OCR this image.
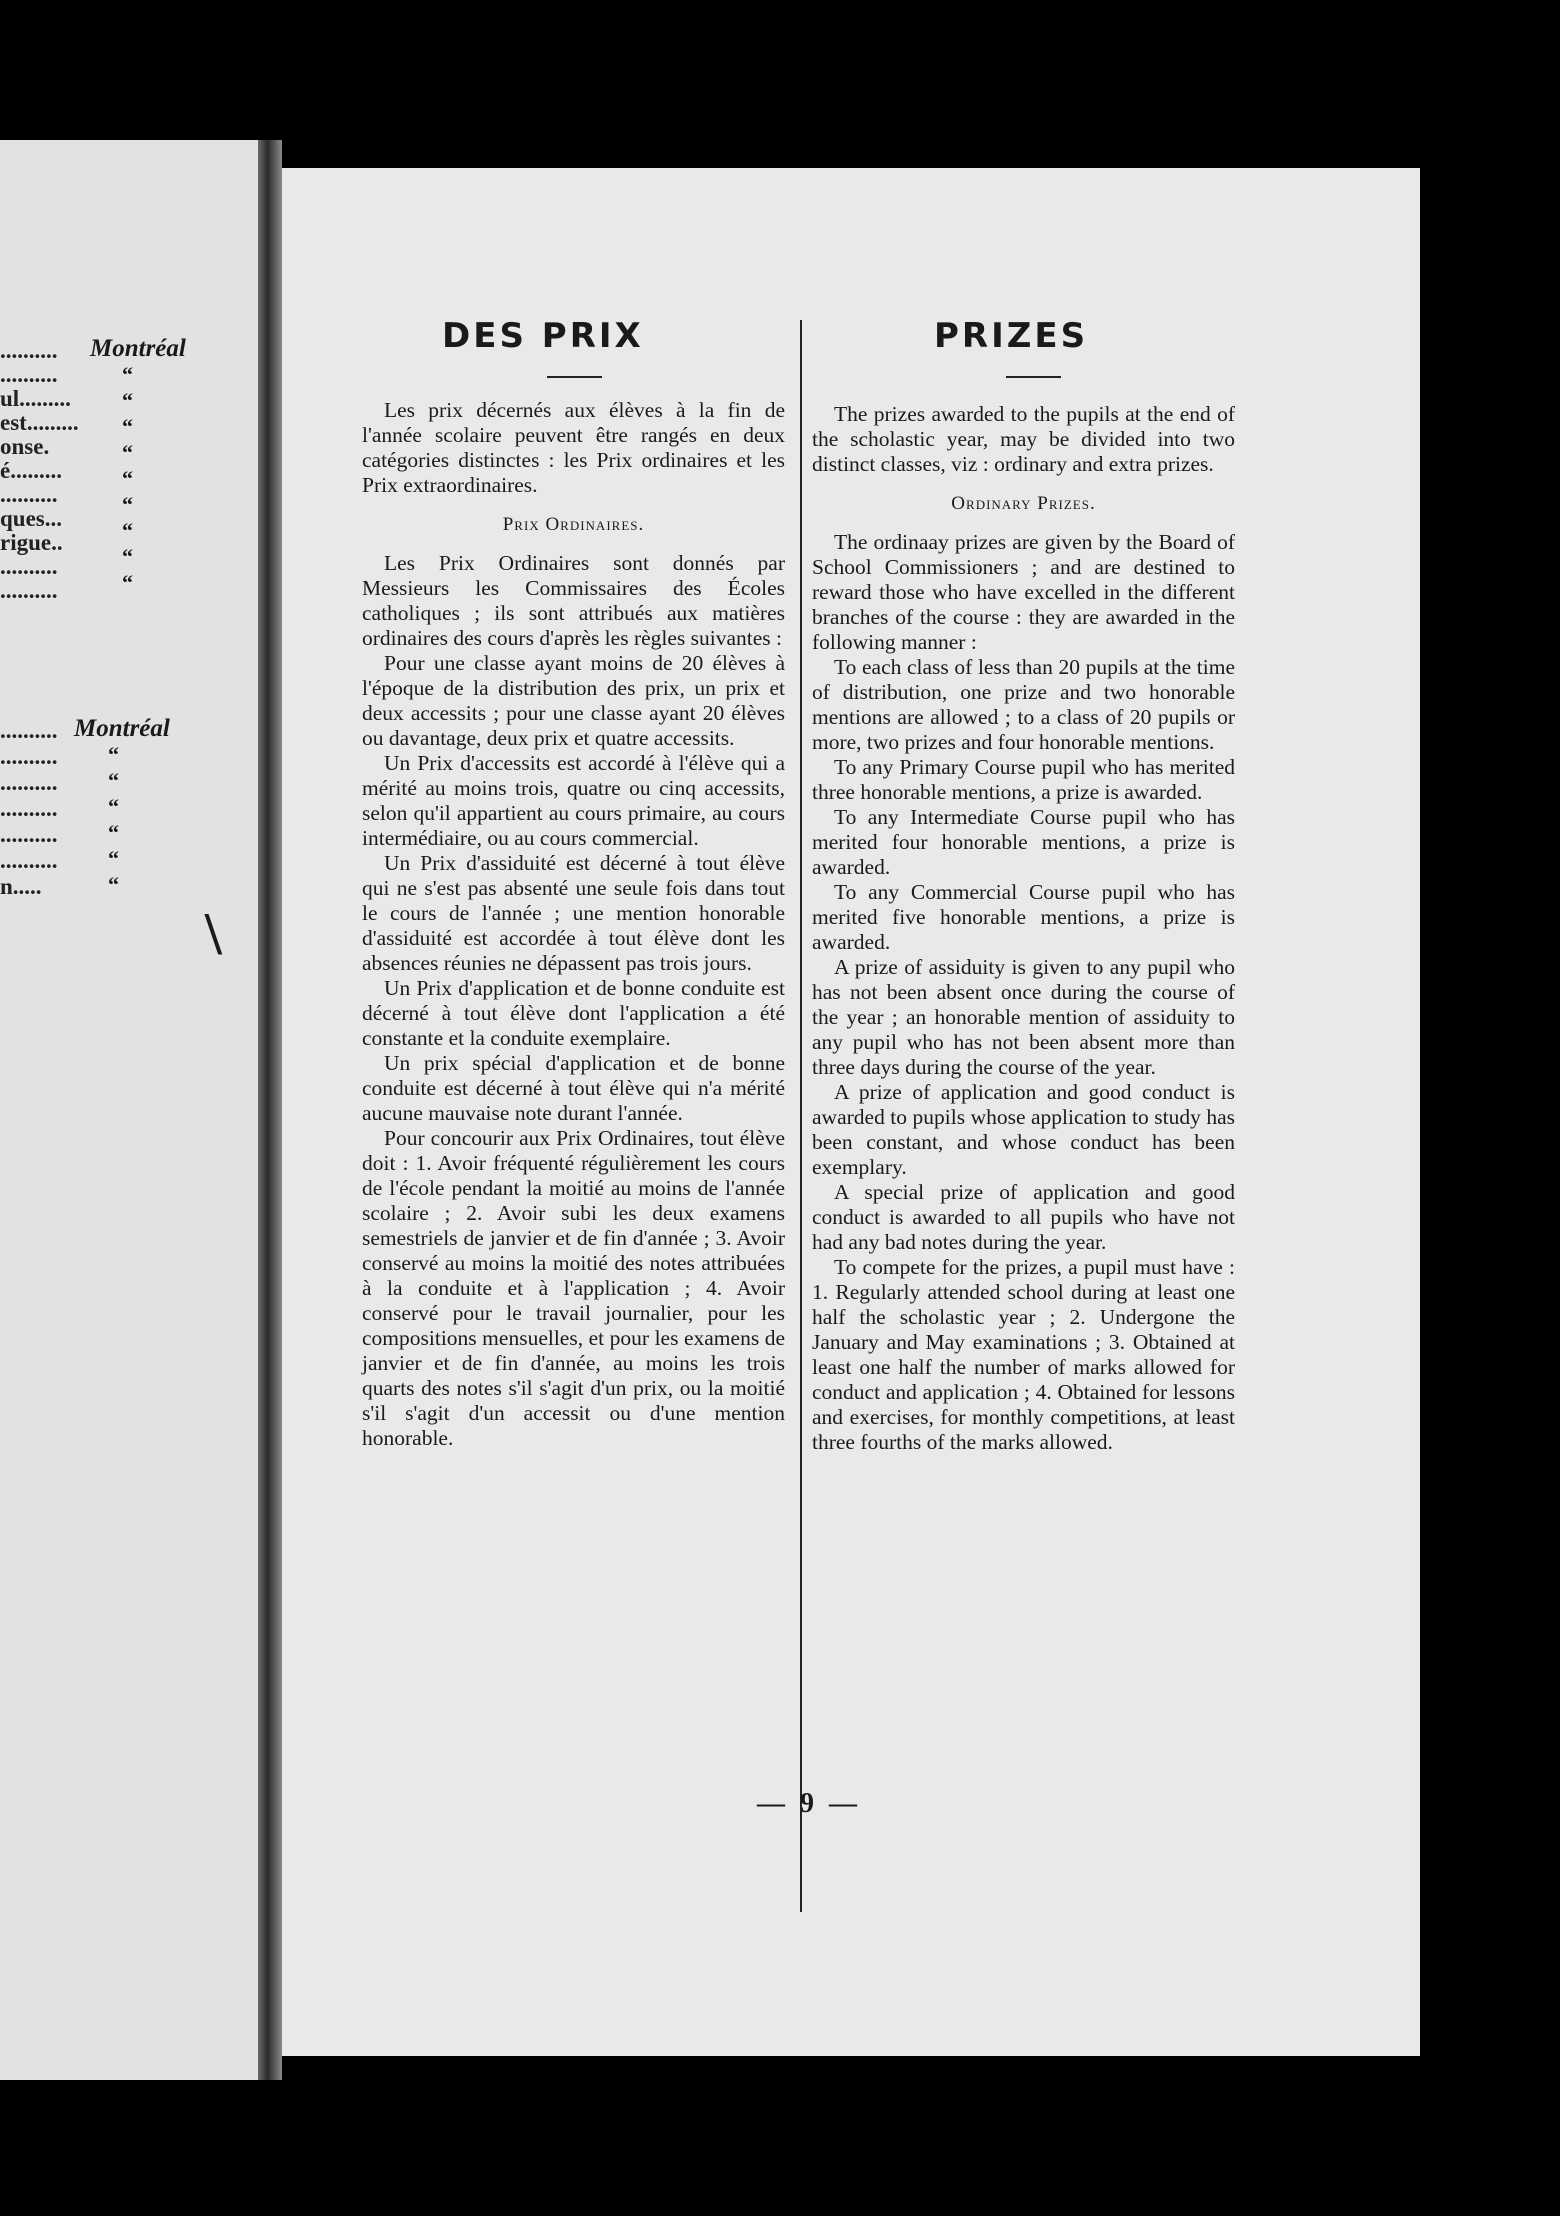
..........
..........
ul.........
est.........
onse.
é.........
..........
ques...
rigue..
..........
..........
Montréal
“
“
“
“
“
“
“
“
“
..........
..........
..........
..........
..........
..........
n.....
Montréal
“
“
“
“
“
“
\
DES PRIX	PRIZES

Les prix décernés aux élèves à la fin de l'année scolaire peuvent être rangés en deux catégories distinctes : les Prix ordinaires et les Prix extraordinaires.

Prix Ordinaires.

Les Prix Ordinaires sont donnés par Messieurs les Commissaires des Écoles catholiques ; ils sont attribués aux matières ordinaires des cours d'après les règles suivantes :

Pour une classe ayant moins de 20 élèves à l'époque de la distribution des prix, un prix et deux accessits ; pour une classe ayant 20 élèves ou davantage, deux prix et quatre accessits.

Un Prix d'accessits est accordé à l'élève qui a mérité au moins trois, quatre ou cinq accessits, selon qu'il appartient au cours primaire, au cours intermédiaire, ou au cours commercial.

Un Prix d'assiduité est décerné à tout élève qui ne s'est pas absenté une seule fois dans tout le cours de l'année ; une mention honorable d'assiduité est accordée à tout élève dont les absences réunies ne dépassent pas trois jours.

Un Prix d'application et de bonne conduite est décerné à tout élève dont l'application a été constante et la conduite exemplaire.

Un prix spécial d'application et de bonne conduite est décerné à tout élève qui n'a mérité aucune mauvaise note durant l'année.

Pour concourir aux Prix Ordinaires, tout élève doit : 1. Avoir fréquenté régulièrement les cours de l'école pendant la moitié au moins de l'année scolaire ; 2. Avoir subi les deux examens semestriels de janvier et de fin d'année ; 3. Avoir conservé au moins la moitié des notes attribuées à la conduite et à l'application ; 4. Avoir conservé pour le travail journalier, pour les compositions mensuelles, et pour les examens de janvier et de fin d'année, au moins les trois quarts des notes s'il s'agit d'un prix, ou la moitié s'il s'agit d'un accessit ou d'une mention honorable.

The prizes awarded to the pupils at the end of the scholastic year, may be divided into two distinct classes, viz : ordinary and extra prizes.

Ordinary Prizes.

The ordinaay prizes are given by the Board of School Commissioners ; and are destined to reward those who have excelled in the different branches of the course : they are awarded in the following manner :

To each class of less than 20 pupils at the time of distribution, one prize and two honorable mentions are allowed ; to a class of 20 pupils or more, two prizes and four honorable mentions.

To any Primary Course pupil who has merited three honorable mentions, a prize is awarded.

To any Intermediate Course pupil who has merited four honorable mentions, a prize is awarded.

To any Commercial Course pupil who has merited five honorable mentions, a prize is awarded.

A prize of assiduity is given to any pupil who has not been absent once during the course of the year ; an honorable mention of assiduity to any pupil who has not been absent more than three days during the course of the year.

A prize of application and good conduct is awarded to pupils whose application to study has been constant, and whose conduct has been exemplary.

A special prize of application and good conduct is awarded to all pupils who have not had any bad notes during the year.

To compete for the prizes, a pupil must have : 1. Regularly attended school during at least one half the scholastic year ; 2. Undergone the January and May examinations ; 3. Obtained at least one half the number of marks allowed for conduct and application ; 4. Obtained for lessons and exercises, for monthly competitions, at least three fourths of the marks allowed.

— 9 —
